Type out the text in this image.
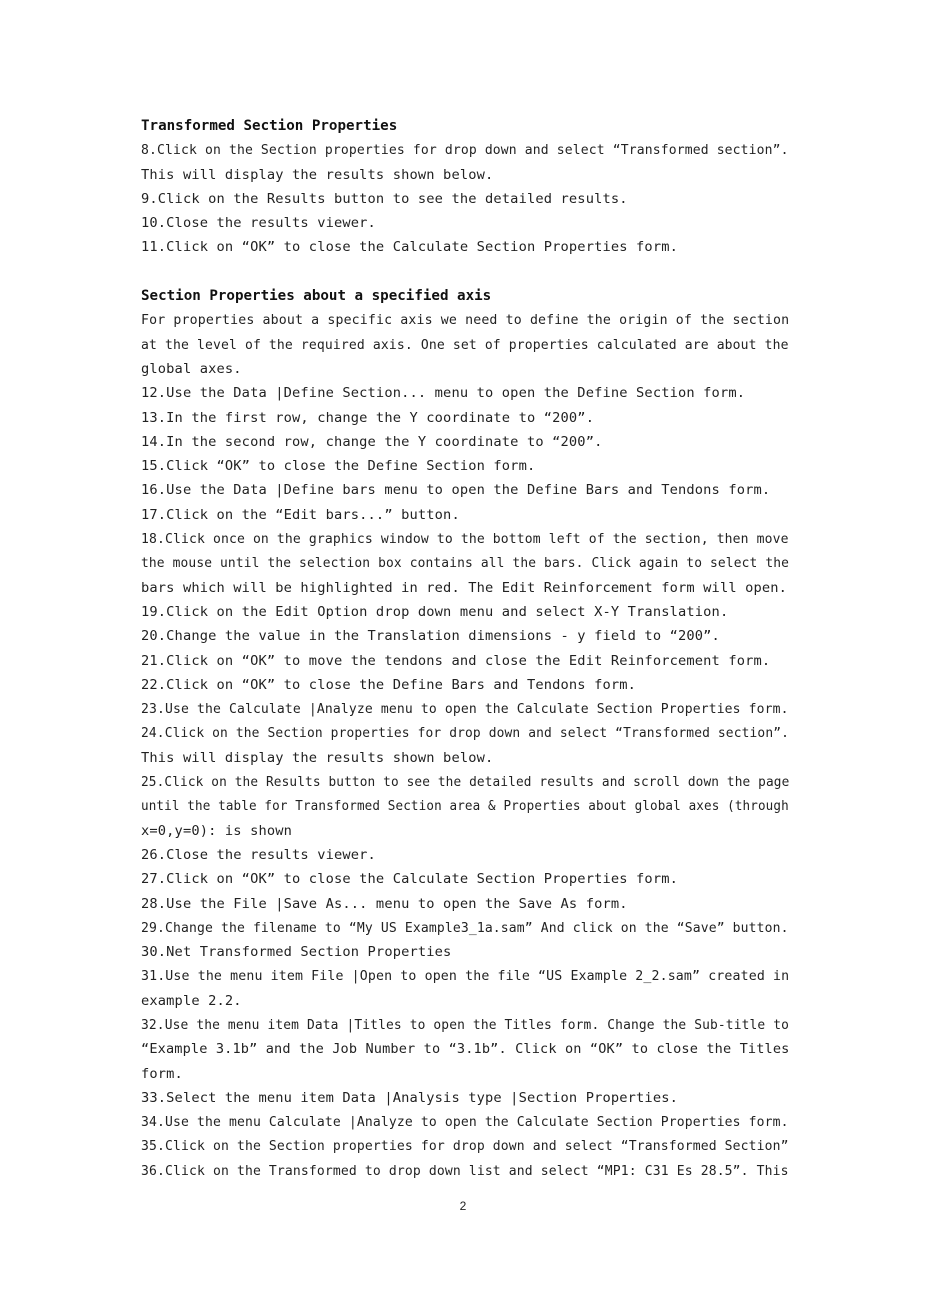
Transformed Section Properties
8.Click on the Section properties for drop down and select “Transformed section”.
This will display the results shown below.
9.Click on the Results button to see the detailed results.
10.Close the results viewer.
11.Click on “OK” to close the Calculate Section Properties form.
Section Properties about a specified axis
For properties about a specific axis we need to define the origin of the section
at the level of the required axis. One set of properties calculated are about the
global axes.
12.Use the Data |Define Section... menu to open the Define Section form.
13.In the first row, change the Y coordinate to “200”.
14.In the second row, change the Y coordinate to “200”.
15.Click “OK” to close the Define Section form.
16.Use the Data |Define bars menu to open the Define Bars and Tendons form.
17.Click on the “Edit bars...” button.
18.Click once on the graphics window to the bottom left of the section, then move
the mouse until the selection box contains all the bars. Click again to select the
bars which will be highlighted in red. The Edit Reinforcement form will open.
19.Click on the Edit Option drop down menu and select X-Y Translation.
20.Change the value in the Translation dimensions - y field to “200”.
21.Click on “OK” to move the tendons and close the Edit Reinforcement form.
22.Click on “OK” to close the Define Bars and Tendons form.
23.Use the Calculate |Analyze menu to open the Calculate Section Properties form.
24.Click on the Section properties for drop down and select “Transformed section”.
This will display the results shown below.
25.Click on the Results button to see the detailed results and scroll down the page
until the table for Transformed Section area & Properties about global axes (through
x=0,y=0): is shown
26.Close the results viewer.
27.Click on “OK” to close the Calculate Section Properties form.
28.Use the File |Save As... menu to open the Save As form.
29.Change the filename to “My US Example3_1a.sam” And click on the “Save” button.
30.Net Transformed Section Properties
31.Use the menu item File |Open to open the file “US Example 2_2.sam” created in
example 2.2.
32.Use the menu item Data |Titles to open the Titles form. Change the Sub-title to
“Example 3.1b” and the Job Number to “3.1b”. Click on “OK” to close the Titles
form.
33.Select the menu item Data |Analysis type |Section Properties.
34.Use the menu Calculate |Analyze to open the Calculate Section Properties form.
35.Click on the Section properties for drop down and select “Transformed Section”
36.Click on the Transformed to drop down list and select “MP1: C31 Es 28.5”. This
2
